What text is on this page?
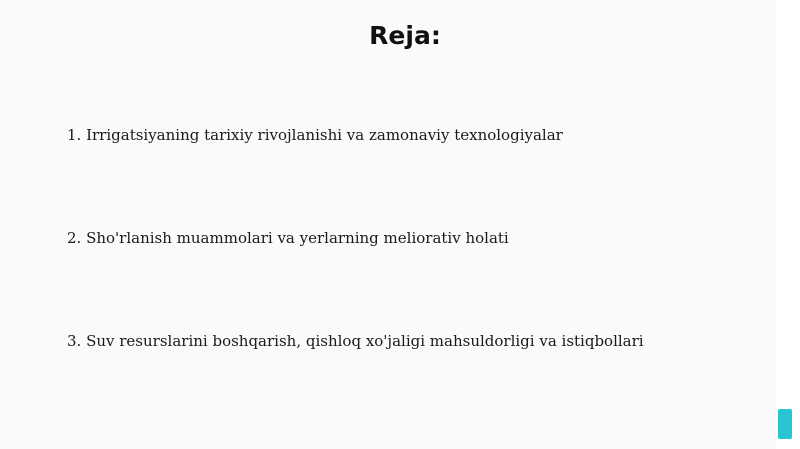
Reja:
1. Irrigatsiyaning tarixiy rivojlanishi va zamonaviy texnologiyalar
2. Sho'rlanish muammolari va yerlarning meliorativ holati
3. Suv resurslarini boshqarish, qishloq xo'jaligi mahsuldorligi va istiqbollari
